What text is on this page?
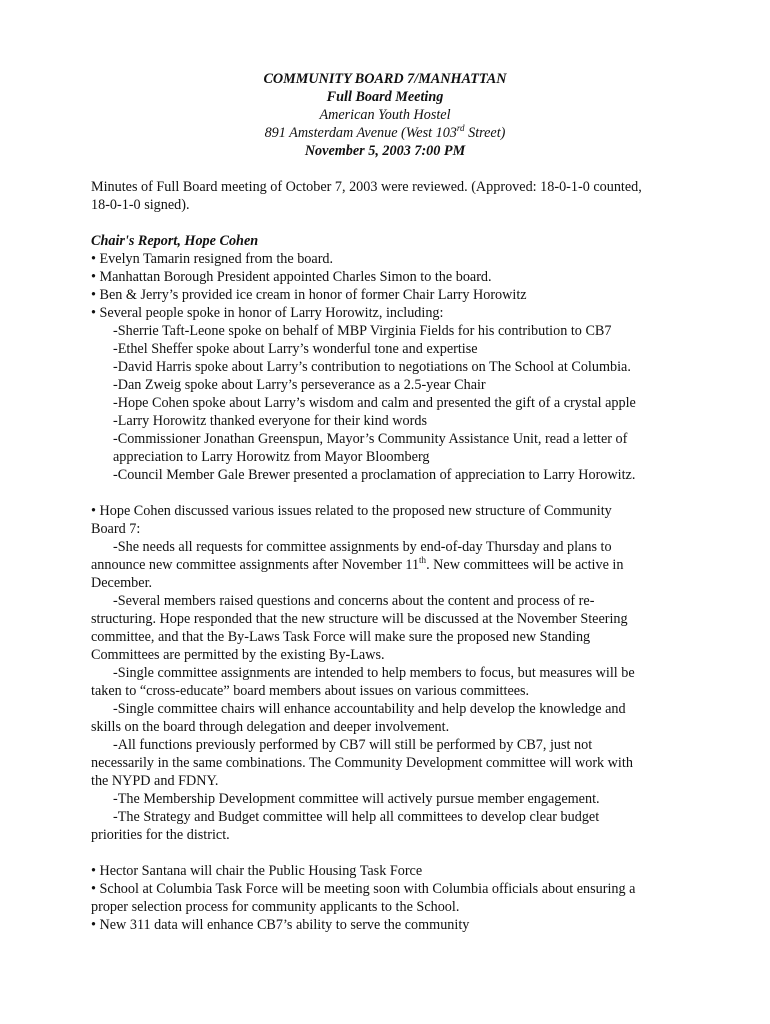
COMMUNITY BOARD 7/MANHATTAN
Full Board Meeting
American Youth Hostel
891 Amsterdam Avenue (West 103rd Street)
November 5, 2003 7:00 PM
Minutes of Full Board meeting of October 7, 2003 were reviewed. (Approved: 18-0-1-0 counted,
18-0-1-0 signed).
Chair's Report, Hope Cohen
• Evelyn Tamarin resigned from the board.
• Manhattan Borough President appointed Charles Simon to the board.
• Ben & Jerry’s provided ice cream in honor of former Chair Larry Horowitz
• Several people spoke in honor of Larry Horowitz, including:
-Sherrie Taft-Leone spoke on behalf of MBP Virginia Fields for his contribution to CB7
-Ethel Sheffer spoke about Larry’s wonderful tone and expertise
-David Harris spoke about Larry’s contribution to negotiations on The School at Columbia.
-Dan Zweig spoke about Larry’s perseverance as a 2.5-year Chair
-Hope Cohen spoke about Larry’s wisdom and calm and presented the gift of a crystal apple
-Larry Horowitz thanked everyone for their kind words
-Commissioner Jonathan Greenspun, Mayor’s Community Assistance Unit, read a letter of
appreciation to Larry Horowitz from Mayor Bloomberg
-Council Member Gale Brewer presented a proclamation of appreciation to Larry Horowitz.
• Hope Cohen discussed various issues related to the proposed new structure of Community
Board 7:
-She needs all requests for committee assignments by end-of-day Thursday and plans to
announce new committee assignments after November 11th. New committees will be active in
December.
-Several members raised questions and concerns about the content and process of re-
structuring. Hope responded that the new structure will be discussed at the November Steering
committee, and that the By-Laws Task Force will make sure the proposed new Standing
Committees are permitted by the existing By-Laws.
-Single committee assignments are intended to help members to focus, but measures will be
taken to “cross-educate” board members about issues on various committees.
-Single committee chairs will enhance accountability and help develop the knowledge and
skills on the board through delegation and deeper involvement.
-All functions previously performed by CB7 will still be performed by CB7, just not
necessarily in the same combinations. The Community Development committee will work with
the NYPD and FDNY.
-The Membership Development committee will actively pursue member engagement.
-The Strategy and Budget committee will help all committees to develop clear budget
priorities for the district.
• Hector Santana will chair the Public Housing Task Force
• School at Columbia Task Force will be meeting soon with Columbia officials about ensuring a
proper selection process for community applicants to the School.
• New 311 data will enhance CB7’s ability to serve the community
